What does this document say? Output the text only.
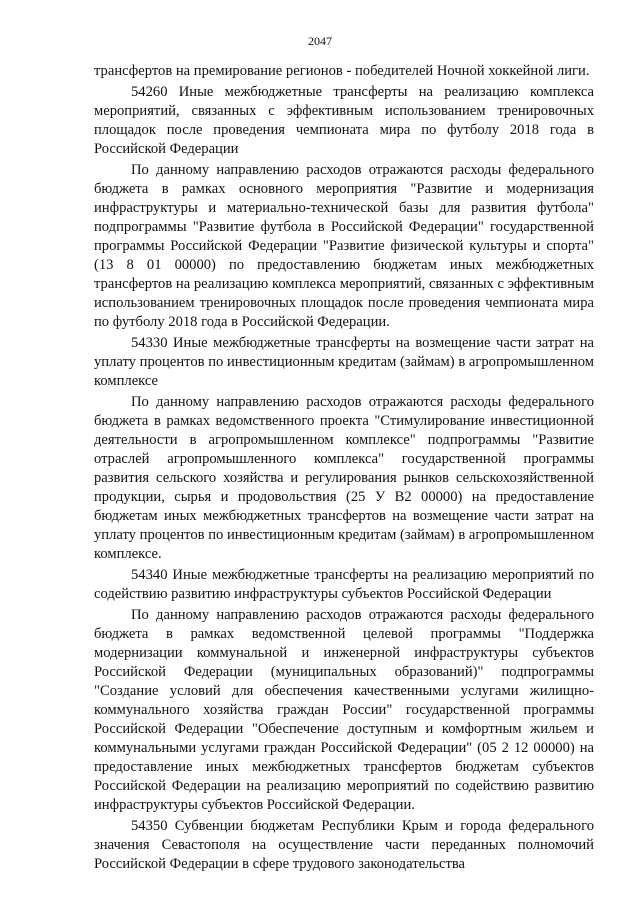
2047

трансфертов на премирование регионов - победителей Ночной хоккейной лиги.

54260 Иные межбюджетные трансферты на реализацию комплекса мероприятий, связанных с эффективным использованием тренировочных площадок после проведения чемпионата мира по футболу 2018 года в Российской Федерации

По данному направлению расходов отражаются расходы федерального бюджета в рамках основного мероприятия "Развитие и модернизация инфраструктуры и материально-технической базы для развития футбола" подпрограммы "Развитие футбола в Российской Федерации" государственной программы Российской Федерации "Развитие физической культуры и спорта" (13 8 01 00000) по предоставлению бюджетам иных межбюджетных трансфертов на реализацию комплекса мероприятий, связанных с эффективным использованием тренировочных площадок после проведения чемпионата мира по футболу 2018 года в Российской Федерации.

54330 Иные межбюджетные трансферты на возмещение части затрат на уплату процентов по инвестиционным кредитам (займам) в агропромышленном комплексе

По данному направлению расходов отражаются расходы федерального бюджета в рамках ведомственного проекта "Стимулирование инвестиционной деятельности в агропромышленном комплексе" подпрограммы "Развитие отраслей агропромышленного комплекса" государственной программы развития сельского хозяйства и регулирования рынков сельскохозяйственной продукции, сырья и продовольствия (25 У В2 00000) на предоставление бюджетам иных межбюджетных трансфертов на возмещение части затрат на уплату процентов по инвестиционным кредитам (займам) в агропромышленном комплексе.

54340 Иные межбюджетные трансферты на реализацию мероприятий по содействию развитию инфраструктуры субъектов Российской Федерации

По данному направлению расходов отражаются расходы федерального бюджета в рамках ведомственной целевой программы "Поддержка модернизации коммунальной и инженерной инфраструктуры субъектов Российской Федерации (муниципальных образований)" подпрограммы "Создание условий для обеспечения качественными услугами жилищно-коммунального хозяйства граждан России" государственной программы Российской Федерации "Обеспечение доступным и комфортным жильем и коммунальными услугами граждан Российской Федерации" (05 2 12 00000) на предоставление иных межбюджетных трансфертов бюджетам субъектов Российской Федерации на реализацию мероприятий по содействию развитию инфраструктуры субъектов Российской Федерации.

54350 Субвенции бюджетам Республики Крым и города федерального значения Севастополя на осуществление части переданных полномочий Российской Федерации в сфере трудового законодательства
